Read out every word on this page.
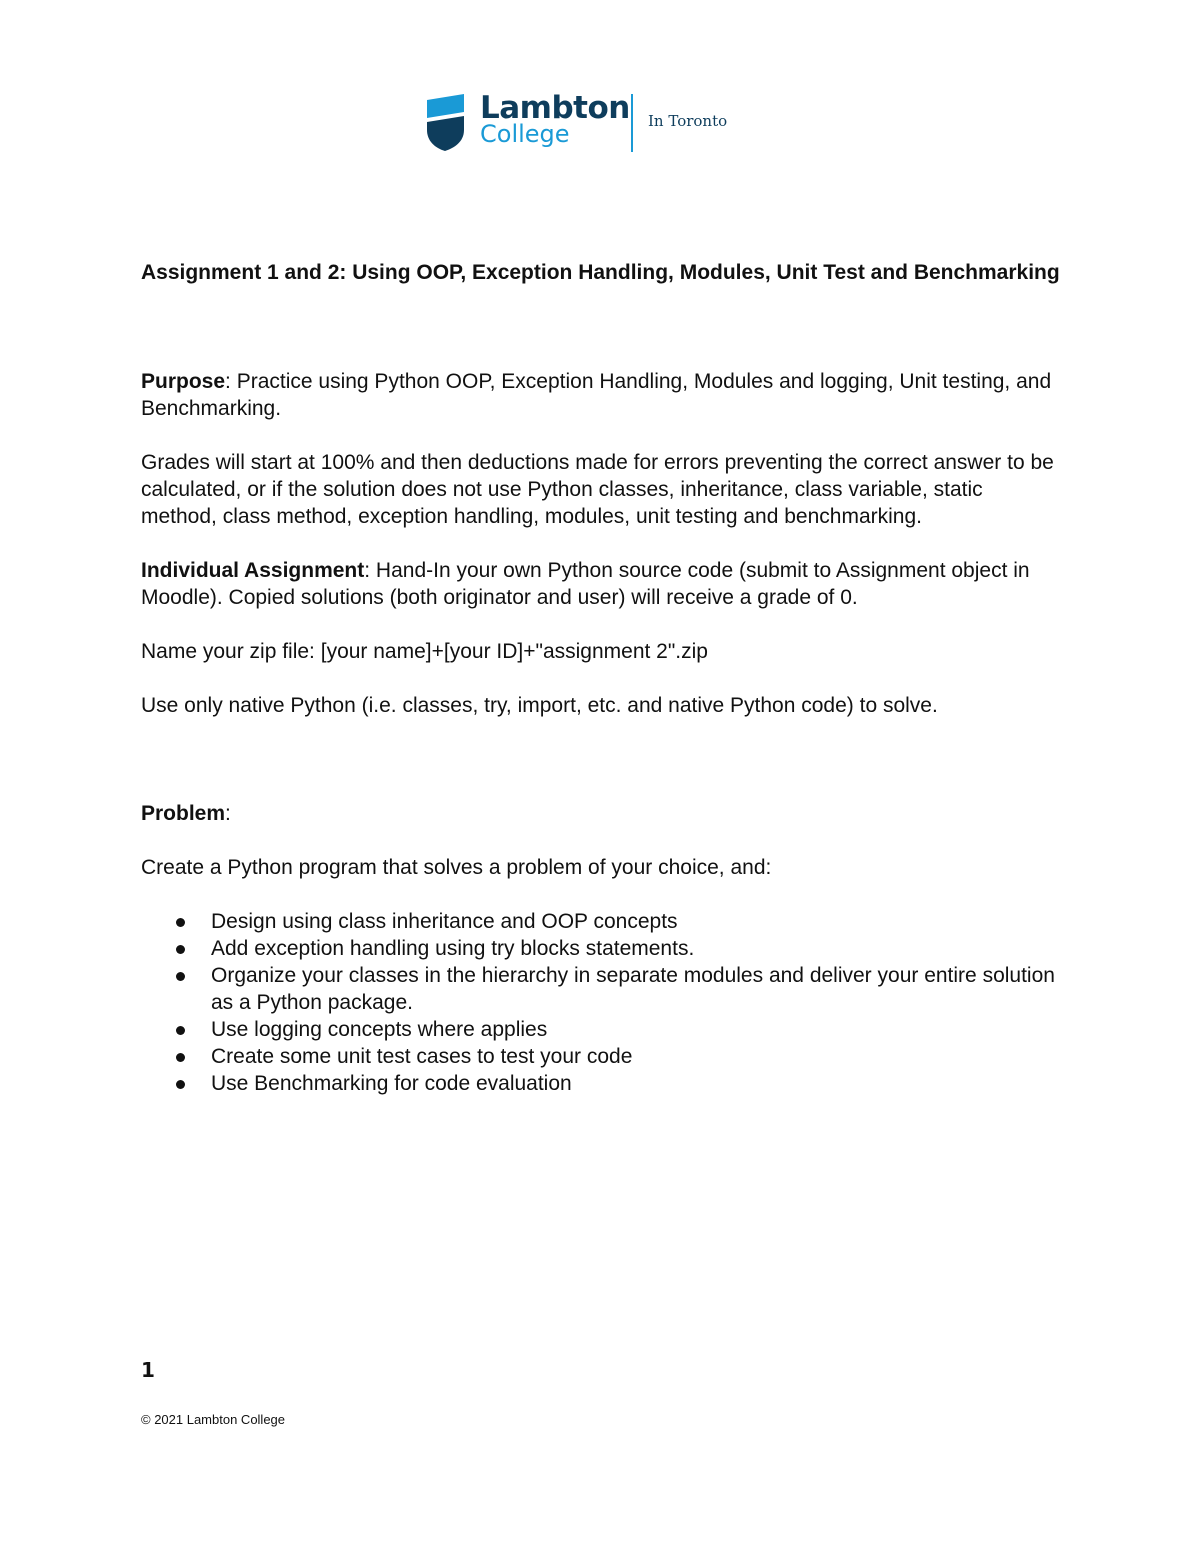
Lambton
College	In Toronto
Assignment 1 and 2: Using OOP, Exception Handling, Modules, Unit Test and Benchmarking

Purpose: Practice using Python OOP, Exception Handling, Modules and logging, Unit testing, and Benchmarking.

Grades will start at 100% and then deductions made for errors preventing the correct answer to be calculated, or if the solution does not use Python classes, inheritance, class variable, static method, class method, exception handling, modules, unit testing and benchmarking.

Individual Assignment: Hand-In your own Python source code (submit to Assignment object in Moodle). Copied solutions (both originator and user) will receive a grade of 0.

Name your zip file: [your name]+[your ID]+"assignment 2".zip

Use only native Python (i.e. classes, try, import, etc. and native Python code) to solve.

Problem:

Create a Python program that solves a problem of your choice, and:

Design using class inheritance and OOP concepts
Add exception handling using try blocks statements.
Organize your classes in the hierarchy in separate modules and deliver your entire solution as a Python package.
Use logging concepts where applies
Create some unit test cases to test your code
Use Benchmarking for code evaluation
1
© 2021 Lambton College
